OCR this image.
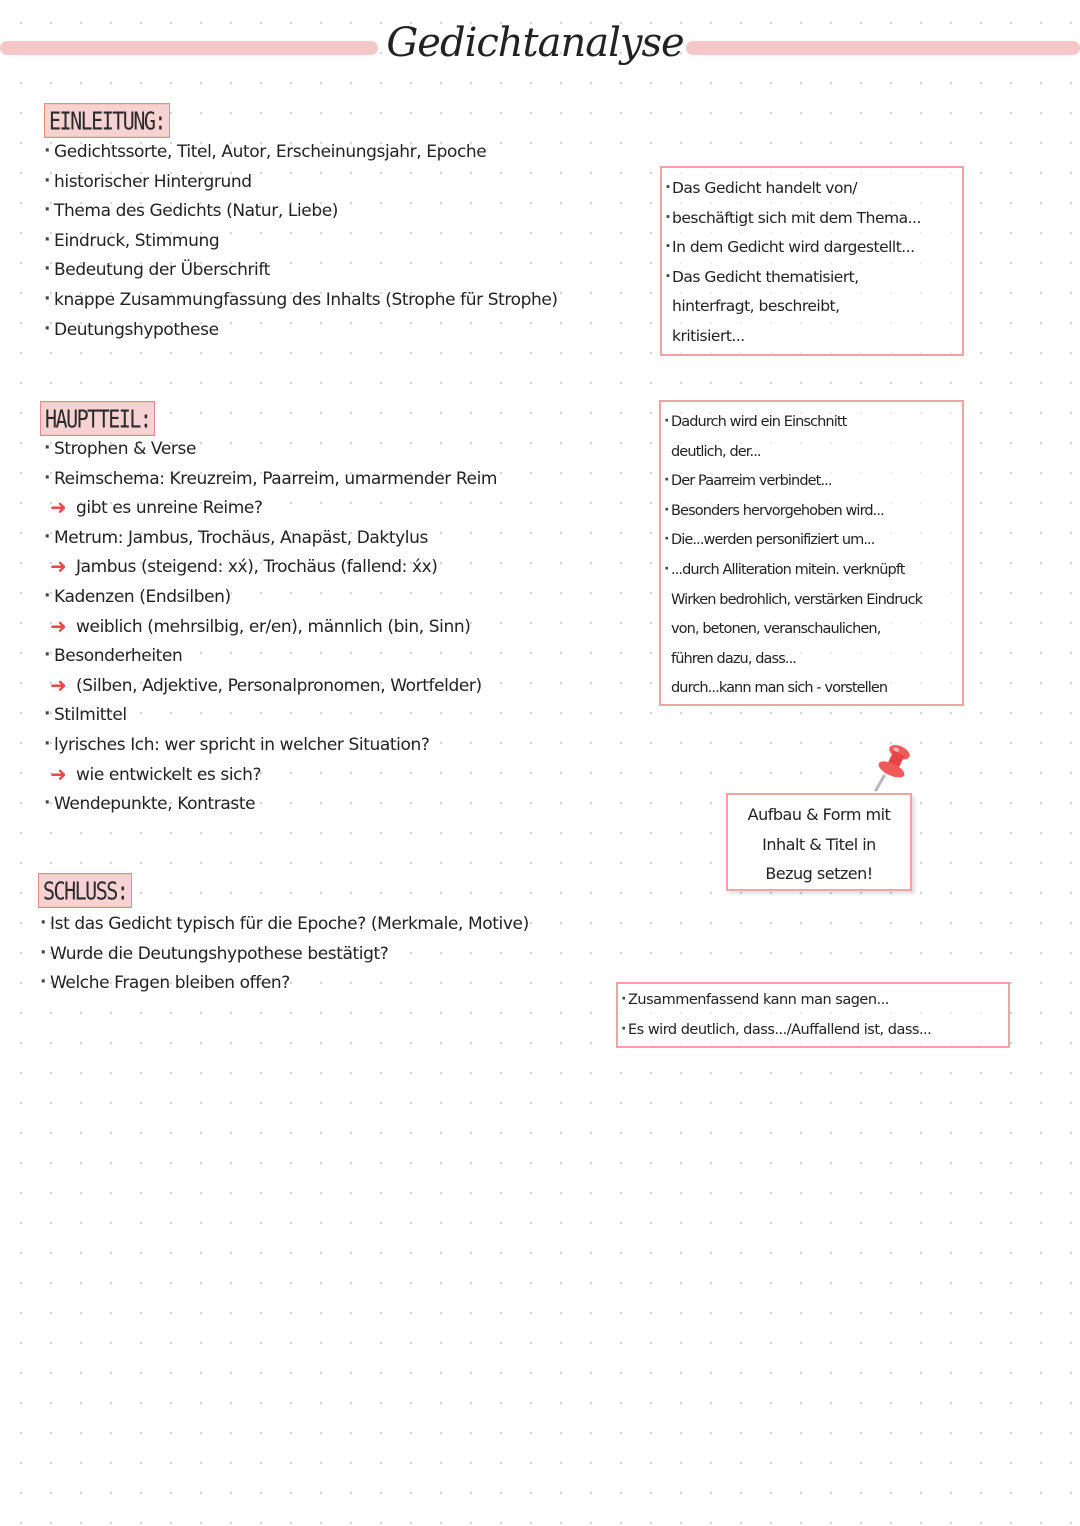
Gedichtanalyse
EINLEITUNG:
· Gedichtssorte, Titel, Autor, Erscheinungsjahr, Epoche
· historischer Hintergrund
· Thema des Gedichts (Natur, Liebe)
· Eindruck, Stimmung
· Bedeutung der Überschrift
· knappe Zusammungfassung des Inhalts (Strophe für Strophe)
· Deutungshypothese
HAUPTTEIL:
· Strophen & Verse
· Reimschema: Kreuzreim, Paarreim, umarmender Reim
➜ gibt es unreine Reime?
· Metrum: Jambus, Trochäus, Anapäst, Daktylus
➜ Jambus (steigend: xx́), Trochäus (fallend: x́x)
· Kadenzen (Endsilben)
➜ weiblich (mehrsilbig, er/en), männlich (bin, Sinn)
· Besonderheiten
➜ (Silben, Adjektive, Personalpronomen, Wortfelder)
· Stilmittel
· lyrisches Ich: wer spricht in welcher Situation?
➜ wie entwickelt es sich?
· Wendepunkte, Kontraste
SCHLUSS:
· Ist das Gedicht typisch für die Epoche? (Merkmale, Motive)
· Wurde die Deutungshypothese bestätigt?
· Welche Fragen bleiben offen?
· Das Gedicht handelt von/
· beschäftigt sich mit dem Thema...
· In dem Gedicht wird dargestellt...
· Das Gedicht thematisiert,
hinterfragt, beschreibt,
kritisiert...
· Dadurch wird ein Einschnitt
deutlich, der...
· Der Paarreim verbindet...
· Besonders hervorgehoben wird...
· Die...werden personifiziert um...
· ...durch Alliteration mitein. verknüpft
Wirken bedrohlich, verstärken Eindruck
von, betonen, veranschaulichen,
führen dazu, dass...
durch...kann man sich - vorstellen
Aufbau & Form mit
Inhalt & Titel in
Bezug setzen!
· Zusammenfassend kann man sagen...
· Es wird deutlich, dass.../Auffallend ist, dass...
